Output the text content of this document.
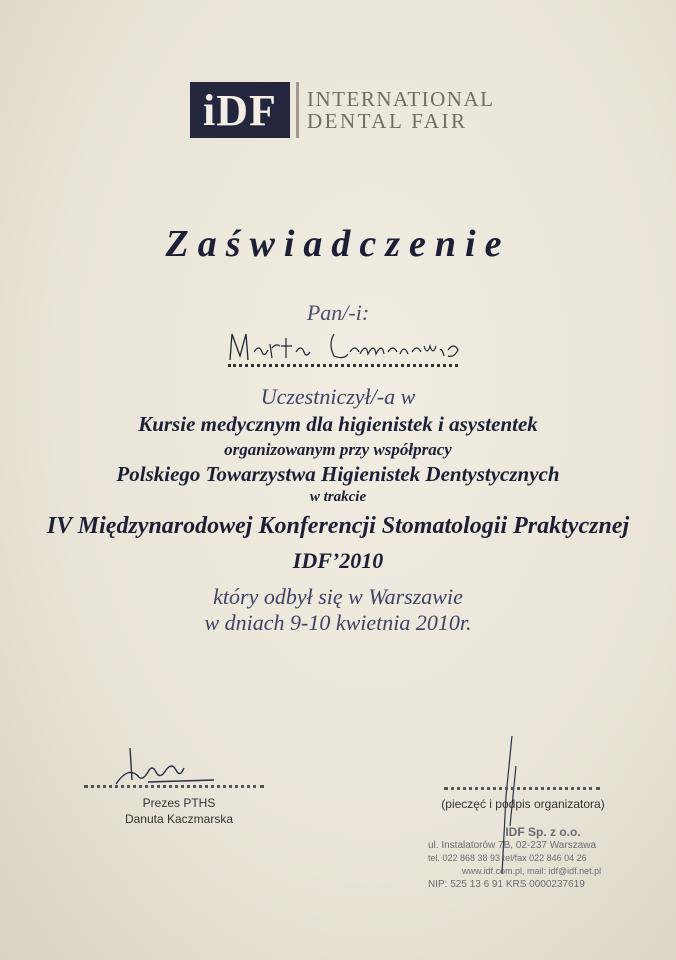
iDF	INTERNATIONAL
DENTAL FAIR
Zaświadczenie
Pan/-i:
Uczestniczył/-a w
Kursie medycznym dla higienistek i asystentek
organizowanym przy współpracy
Polskiego Towarzystwa Higienistek Dentystycznych
w trakcie
IV Międzynarodowej Konferencji Stomatologii Praktycznej
IDF’2010
który odbył się w Warszawie
w dniach 9-10 kwietnia 2010r.
Prezes PTHS
Danuta Kaczmarska
(pieczęć i podpis organizatora)
IDF Sp. z o.o.
ul. Instalatorów 7B, 02-237 Warszawa
tel. 022 868 38 93 tel/fax 022 846 04 26
www.idf.com.pl, mail: idf@idf.net.pl
NIP: 525 13 6 91 KRS 0000237619
